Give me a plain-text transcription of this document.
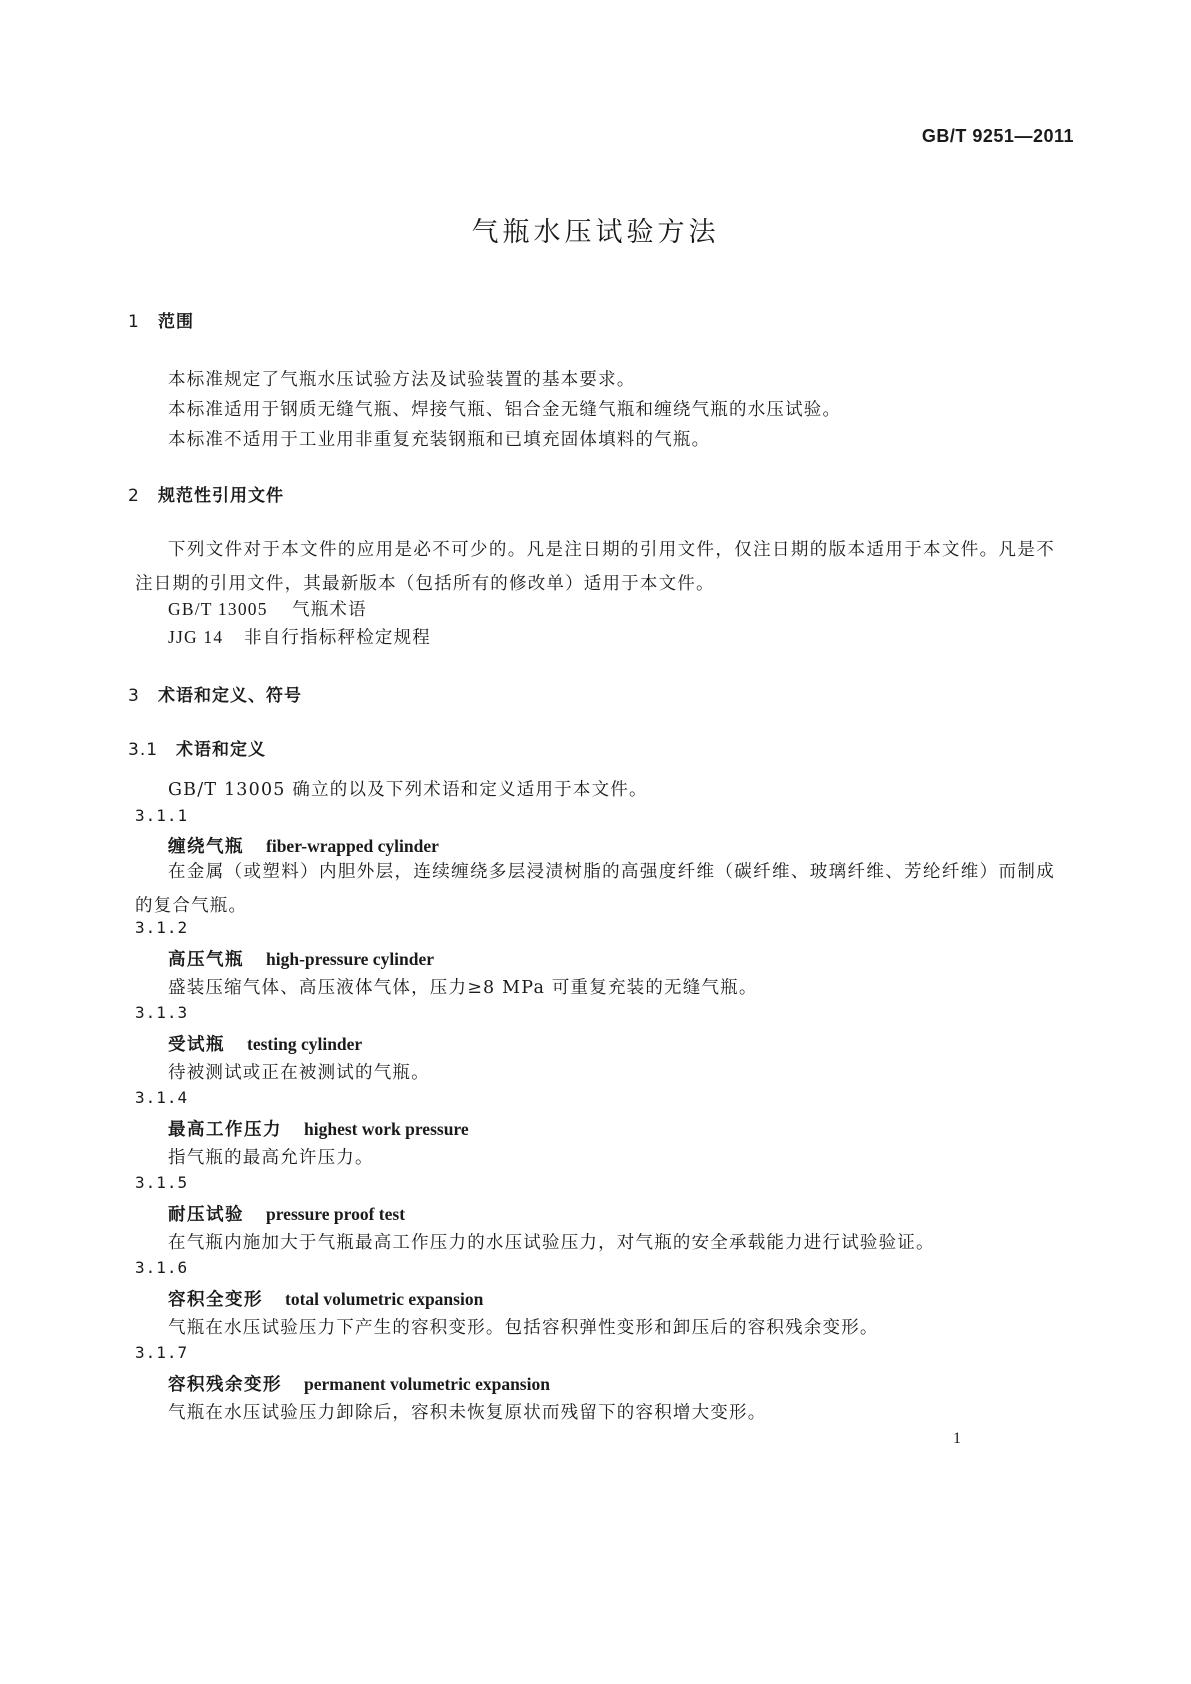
GB/T 9251—2011
气瓶水压试验方法
1 范围
本标准规定了气瓶水压试验方法及试验装置的基本要求。
本标准适用于钢质无缝气瓶、焊接气瓶、铝合金无缝气瓶和缠绕气瓶的水压试验。
本标准不适用于工业用非重复充装钢瓶和已填充固体填料的气瓶。
2 规范性引用文件
下列文件对于本文件的应用是必不可少的。凡是注日期的引用文件，仅注日期的版本适用于本文件。凡是不注日期的引用文件，其最新版本（包括所有的修改单）适用于本文件。
GB/T 13005 气瓶术语
JJG 14 非自行指标秤检定规程
3 术语和定义、符号
3.1 术语和定义
GB/T 13005 确立的以及下列术语和定义适用于本文件。
3.1.1
缠绕气瓶 fiber-wrapped cylinder
在金属（或塑料）内胆外层，连续缠绕多层浸渍树脂的高强度纤维（碳纤维、玻璃纤维、芳纶纤维）而制成的复合气瓶。
3.1.2
高压气瓶 high-pressure cylinder
盛装压缩气体、高压液体气体，压力≥8 MPa 可重复充装的无缝气瓶。
3.1.3
受试瓶 testing cylinder
待被测试或正在被测试的气瓶。
3.1.4
最高工作压力 highest work pressure
指气瓶的最高允许压力。
3.1.5
耐压试验 pressure proof test
在气瓶内施加大于气瓶最高工作压力的水压试验压力，对气瓶的安全承载能力进行试验验证。
3.1.6
容积全变形 total volumetric expansion
气瓶在水压试验压力下产生的容积变形。包括容积弹性变形和卸压后的容积残余变形。
3.1.7
容积残余变形 permanent volumetric expansion
气瓶在水压试验压力卸除后，容积未恢复原状而残留下的容积增大变形。
1
